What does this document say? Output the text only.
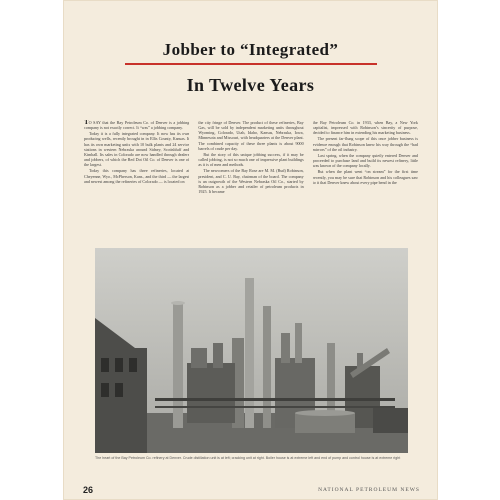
Jobber to “Integrated”
In Twelve Years

TO SAY that the Bay Petroleum Co. of Denver is a jobbing company is not exactly correct. It “was” a jobbing company.

Today it is a fully integrated company. It now has its own producing wells, recently brought in in Ellis County, Kansas. It has its own marketing units with 10 bulk plants and 24 service stations in western Nebraska around Sidney, Scottsbluff and Kimball. Its sales in Colorado are now handled through dealers and jobbers, of which the Red Dot Oil Co. of Denver is one of the largest.

Today this company has three refineries, located at Cheyenne, Wyo., McPherson, Kans., and the third — the largest and newest among the refineries of Colorado — is located on

the city fringe of Denver. The product of these refineries, Bay Gas, will be sold by independent marketing units throughout Wyoming, Colorado, Utah, Idaho, Kansas, Nebraska, Iowa, Minnesota and Missouri, with headquarters at the Denver plant. The combined capacity of these three plants is about 9000 barrels of crude per day.

But the story of this unique jobbing success, if it may be called jobbing, is not so much one of impressive plant buildings as it is of men and methods.

The newcomers of the Bay Rose are M. M. (Bud) Robinson, president, and C. U. Bay, chairman of the board. The company is an outgrowth of the Western Nebraska Oil Co., started by Robinson as a jobber and retailer of petroleum products in 1925. It became

the Bay Petroleum Co. in 1933, when Bay, a New York capitalist, impressed with Robinson’s sincerity of purpose, decided to finance him in extending his marketing business.

The present far-flung scope of this once jobber business is evidence enough that Robinson knew his way through the “bad mirrors” of the oil industry.

Last spring, when the company quietly entered Denver and proceeded to purchase land and build its newest refinery, little was known of the company locally.

But when the plant went “on stream” for the first time recently, you may be sure that Robinson and his colleagues saw to it that Denver knew about every pipe bend in the

The heart of the Bay Petroleum Co. refinery at Denver. Crude distillation unit is at left; cracking unit at right. Boiler house is at extreme left and end of pump and control house is at extreme right

26	NATIONAL PETROLEUM NEWS
